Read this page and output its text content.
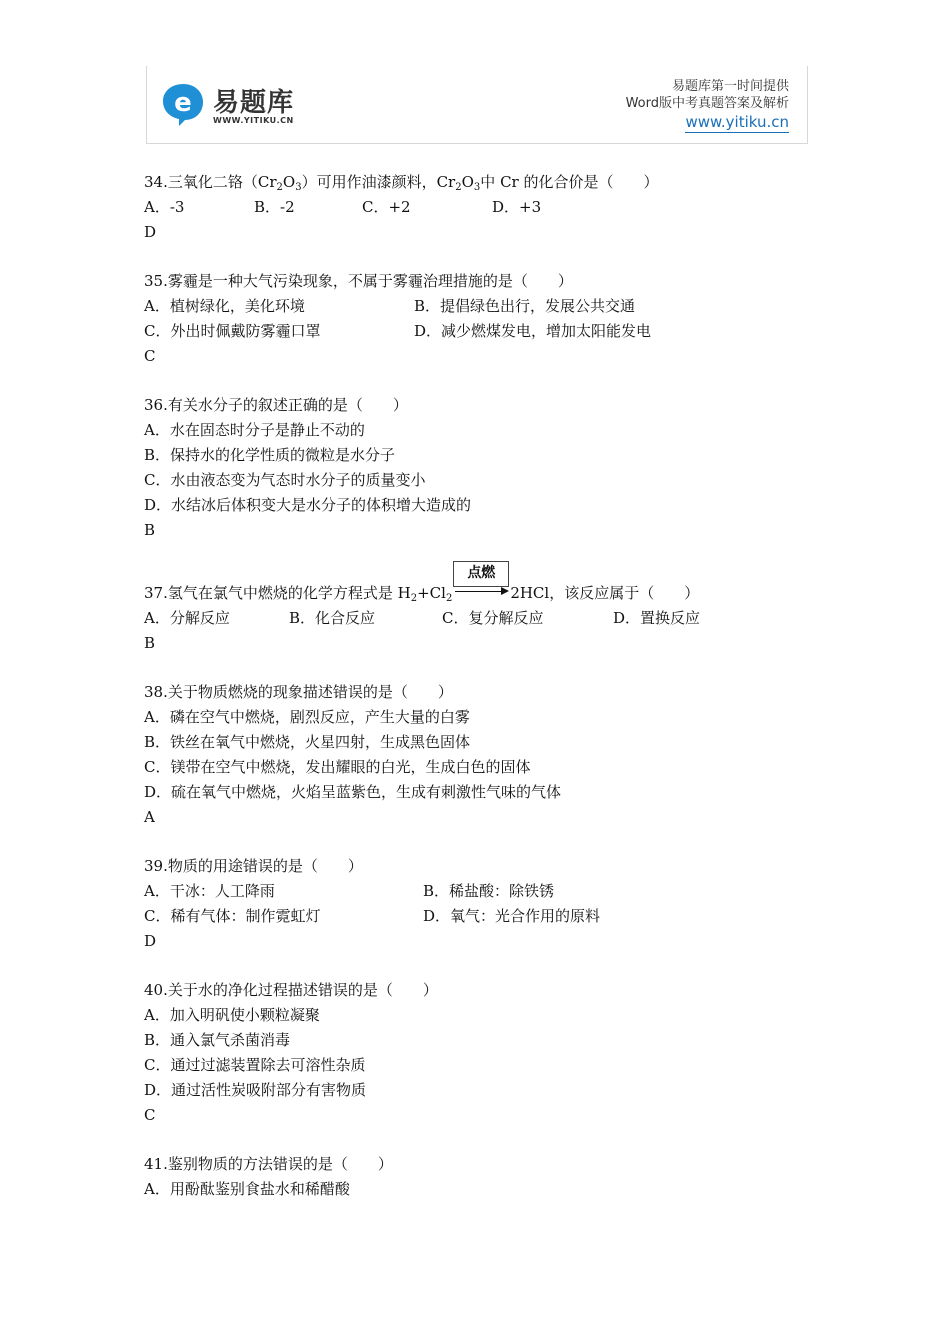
e 易题库
WWW.YITIKU.CN
易题库第一时间提供
Word版中考真题答案及解析
www.yitiku.cn
34.三氧化二铬$(Cr_2O_3)$可用作油漆颜料，$Cr_2O_3$中 Cr 的化合价是（　　）
A．-3	B．-2	C．+2	D．+3
D
35.雾霾是一种大气污染现象，不属于雾霾治理措施的是（　　）
A．植树绿化，美化环境	B．提倡绿色出行，发展公共交通
C．外出时佩戴防雾霾口罩	D．减少燃煤发电，增加太阳能发电
C
36.有关水分子的叙述正确的是（　　）
A．水在固态时分子是静止不动的
B．保持水的化学性质的微粒是水分子
C．水由液态变为气态时水分子的质量变小
D．水结冰后体积变大是水分子的体积增大造成的
B
37.氢气在氯气中燃烧的化学方程式是 $H_2+Cl_2$
点燃
2HCl，该反应属于（　　）
A．分解反应	B．化合反应	C．复分解反应	D．置换反应
B
38.关于物质燃烧的现象描述错误的是（　　）
A．磷在空气中燃烧，剧烈反应，产生大量的白雾
B．铁丝在氧气中燃烧，火星四射，生成黑色固体
C．镁带在空气中燃烧，发出耀眼的白光，生成白色的固体
D．硫在氧气中燃烧，火焰呈蓝紫色，生成有刺激性气味的气体
A
39.物质的用途错误的是（　　）
A．干冰：人工降雨	B．稀盐酸：除铁锈
C．稀有气体：制作霓虹灯	D．氧气：光合作用的原料
D
40.关于水的净化过程描述错误的是（　　）
A．加入明矾使小颗粒凝聚
B．通入氯气杀菌消毒
C．通过过滤装置除去可溶性杂质
D．通过活性炭吸附部分有害物质
C
41.鉴别物质的方法错误的是（　　）
A．用酚酞鉴别食盐水和稀醋酸
